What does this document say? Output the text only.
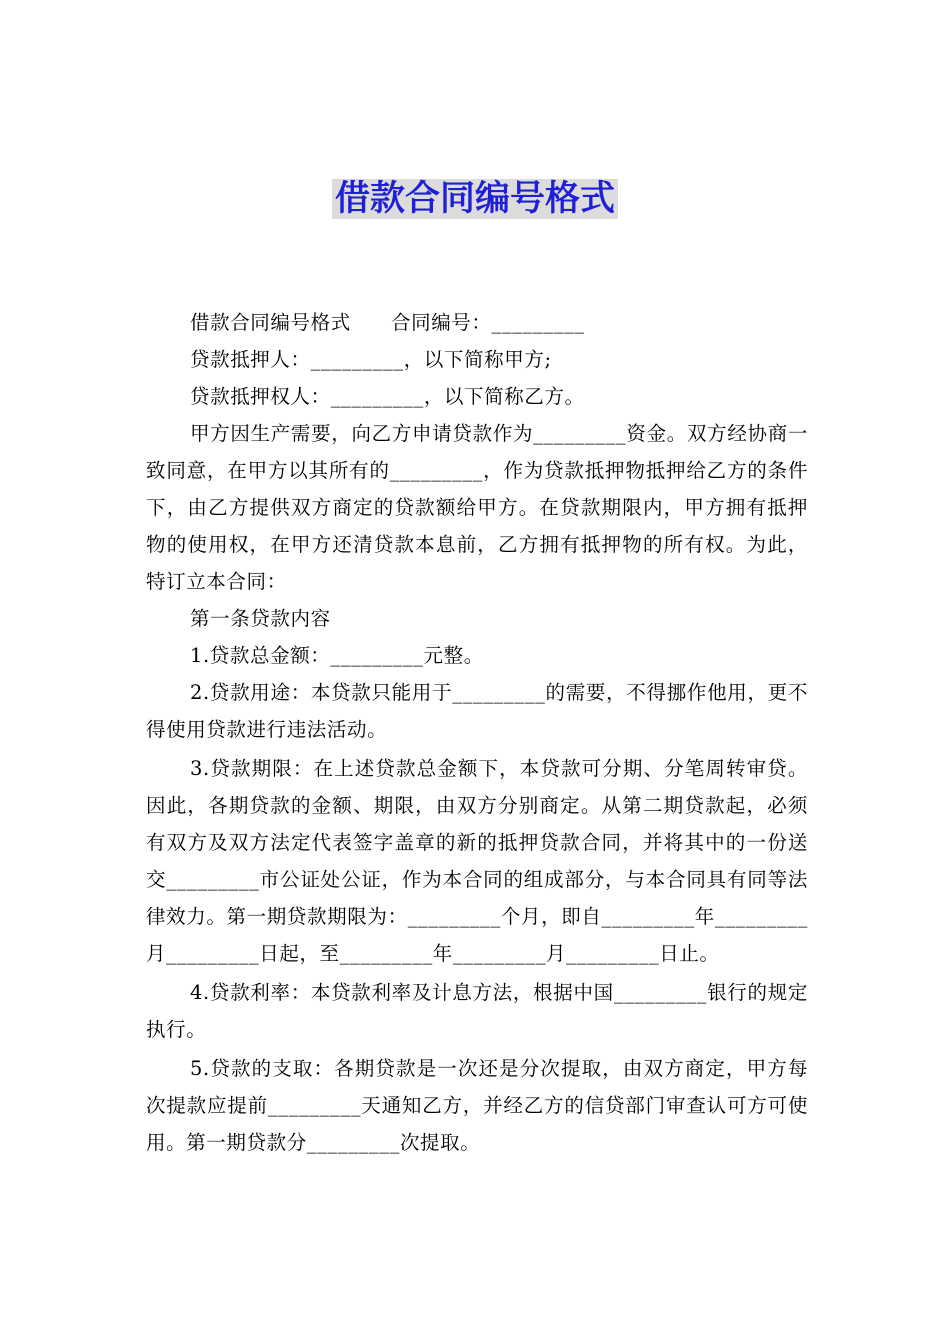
借款合同编号格式

借款合同编号格式　　合同编号：_________

贷款抵押人：_________，以下简称甲方;

贷款抵押权人：_________，以下简称乙方。

甲方因生产需要，向乙方申请贷款作为_________资金。双方经协商一致同意，在甲方以其所有的_________，作为贷款抵押物抵押给乙方的条件下，由乙方提供双方商定的贷款额给甲方。在贷款期限内，甲方拥有抵押物的使用权，在甲方还清贷款本息前，乙方拥有抵押物的所有权。为此，特订立本合同：

第一条贷款内容

1.贷款总金额：_________元整。

2.贷款用途：本贷款只能用于_________的需要，不得挪作他用，更不得使用贷款进行违法活动。

3.贷款期限：在上述贷款总金额下，本贷款可分期、分笔周转审贷。因此，各期贷款的金额、期限，由双方分别商定。从第二期贷款起，必须有双方及双方法定代表签字盖章的新的抵押贷款合同，并将其中的一份送交_________市公证处公证，作为本合同的组成部分，与本合同具有同等法律效力。第一期贷款期限为：_________个月，即自_________年_________月_________日起，至_________年_________月_________日止。

4.贷款利率：本贷款利率及计息方法，根据中国_________银行的规定执行。

5.贷款的支取：各期贷款是一次还是分次提取，由双方商定，甲方每次提款应提前_________天通知乙方，并经乙方的信贷部门审查认可方可使用。第一期贷款分_________次提取。
